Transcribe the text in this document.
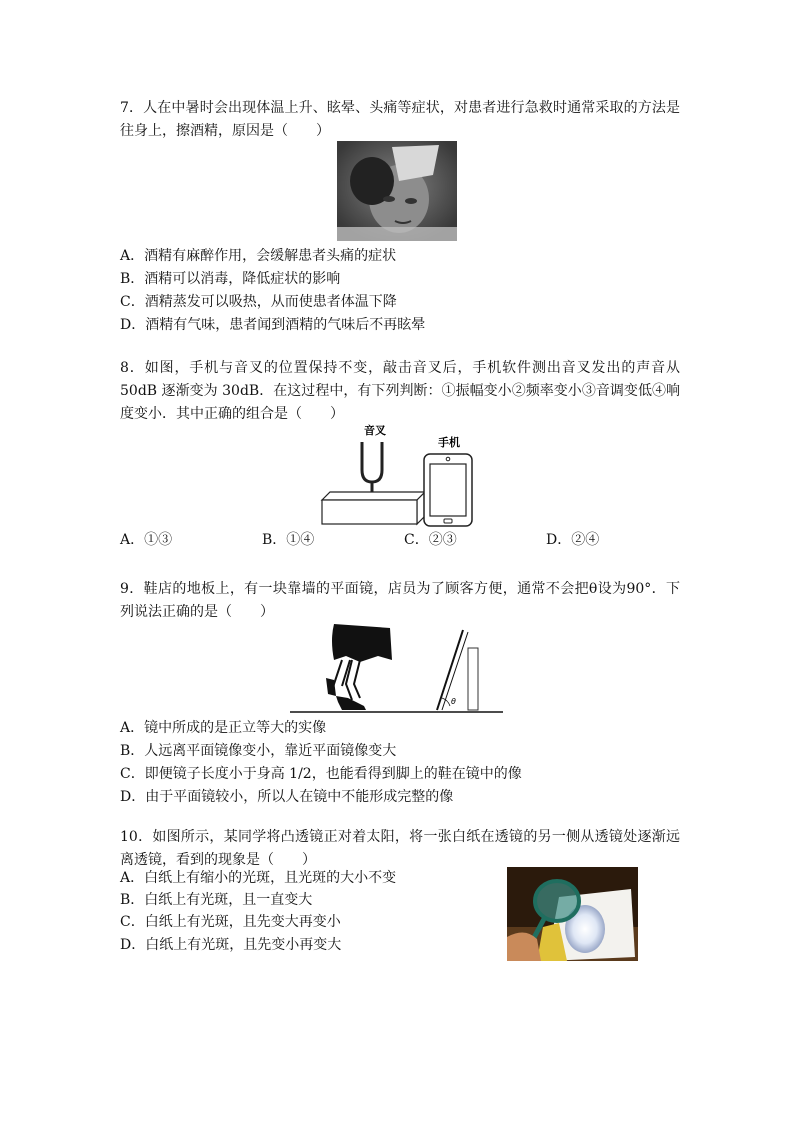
7．人在中暑时会出现体温上升、眩晕、头痛等症状，对患者进行急救时通常采取的方法是往身上，擦酒精，原因是（　　）
A．酒精有麻醉作用，会缓解患者头痛的症状
B．酒精可以消毒，降低症状的影响
C．酒精蒸发可以吸热，从而使患者体温下降
D．酒精有气味，患者闻到酒精的气味后不再眩晕
8．如图，手机与音叉的位置保持不变，敲击音叉后，手机软件测出音叉发出的声音从 50dB 逐渐变为 30dB．在这过程中，有下列判断：①振幅变小②频率变小③音调变低④响度变小．其中正确的组合是（　　）
音叉
手机
A．①③	B．①④	C．②③	D．②④
9．鞋店的地板上，有一块靠墙的平面镜，店员为了顾客方便，通常不会把θ设为90°．下列说法正确的是（　　）
θ
A．镜中所成的是正立等大的实像
B．人远离平面镜像变小，靠近平面镜像变大
C．即便镜子长度小于身高 1/2，也能看得到脚上的鞋在镜中的像
D．由于平面镜较小，所以人在镜中不能形成完整的像
10．如图所示，某同学将凸透镜正对着太阳，将一张白纸在透镜的另一侧从透镜处逐渐远离透镜，看到的现象是（　　）
A．白纸上有缩小的光斑，且光斑的大小不变
B．白纸上有光斑，且一直变大
C．白纸上有光斑，且先变大再变小
D．白纸上有光斑，且先变小再变大
